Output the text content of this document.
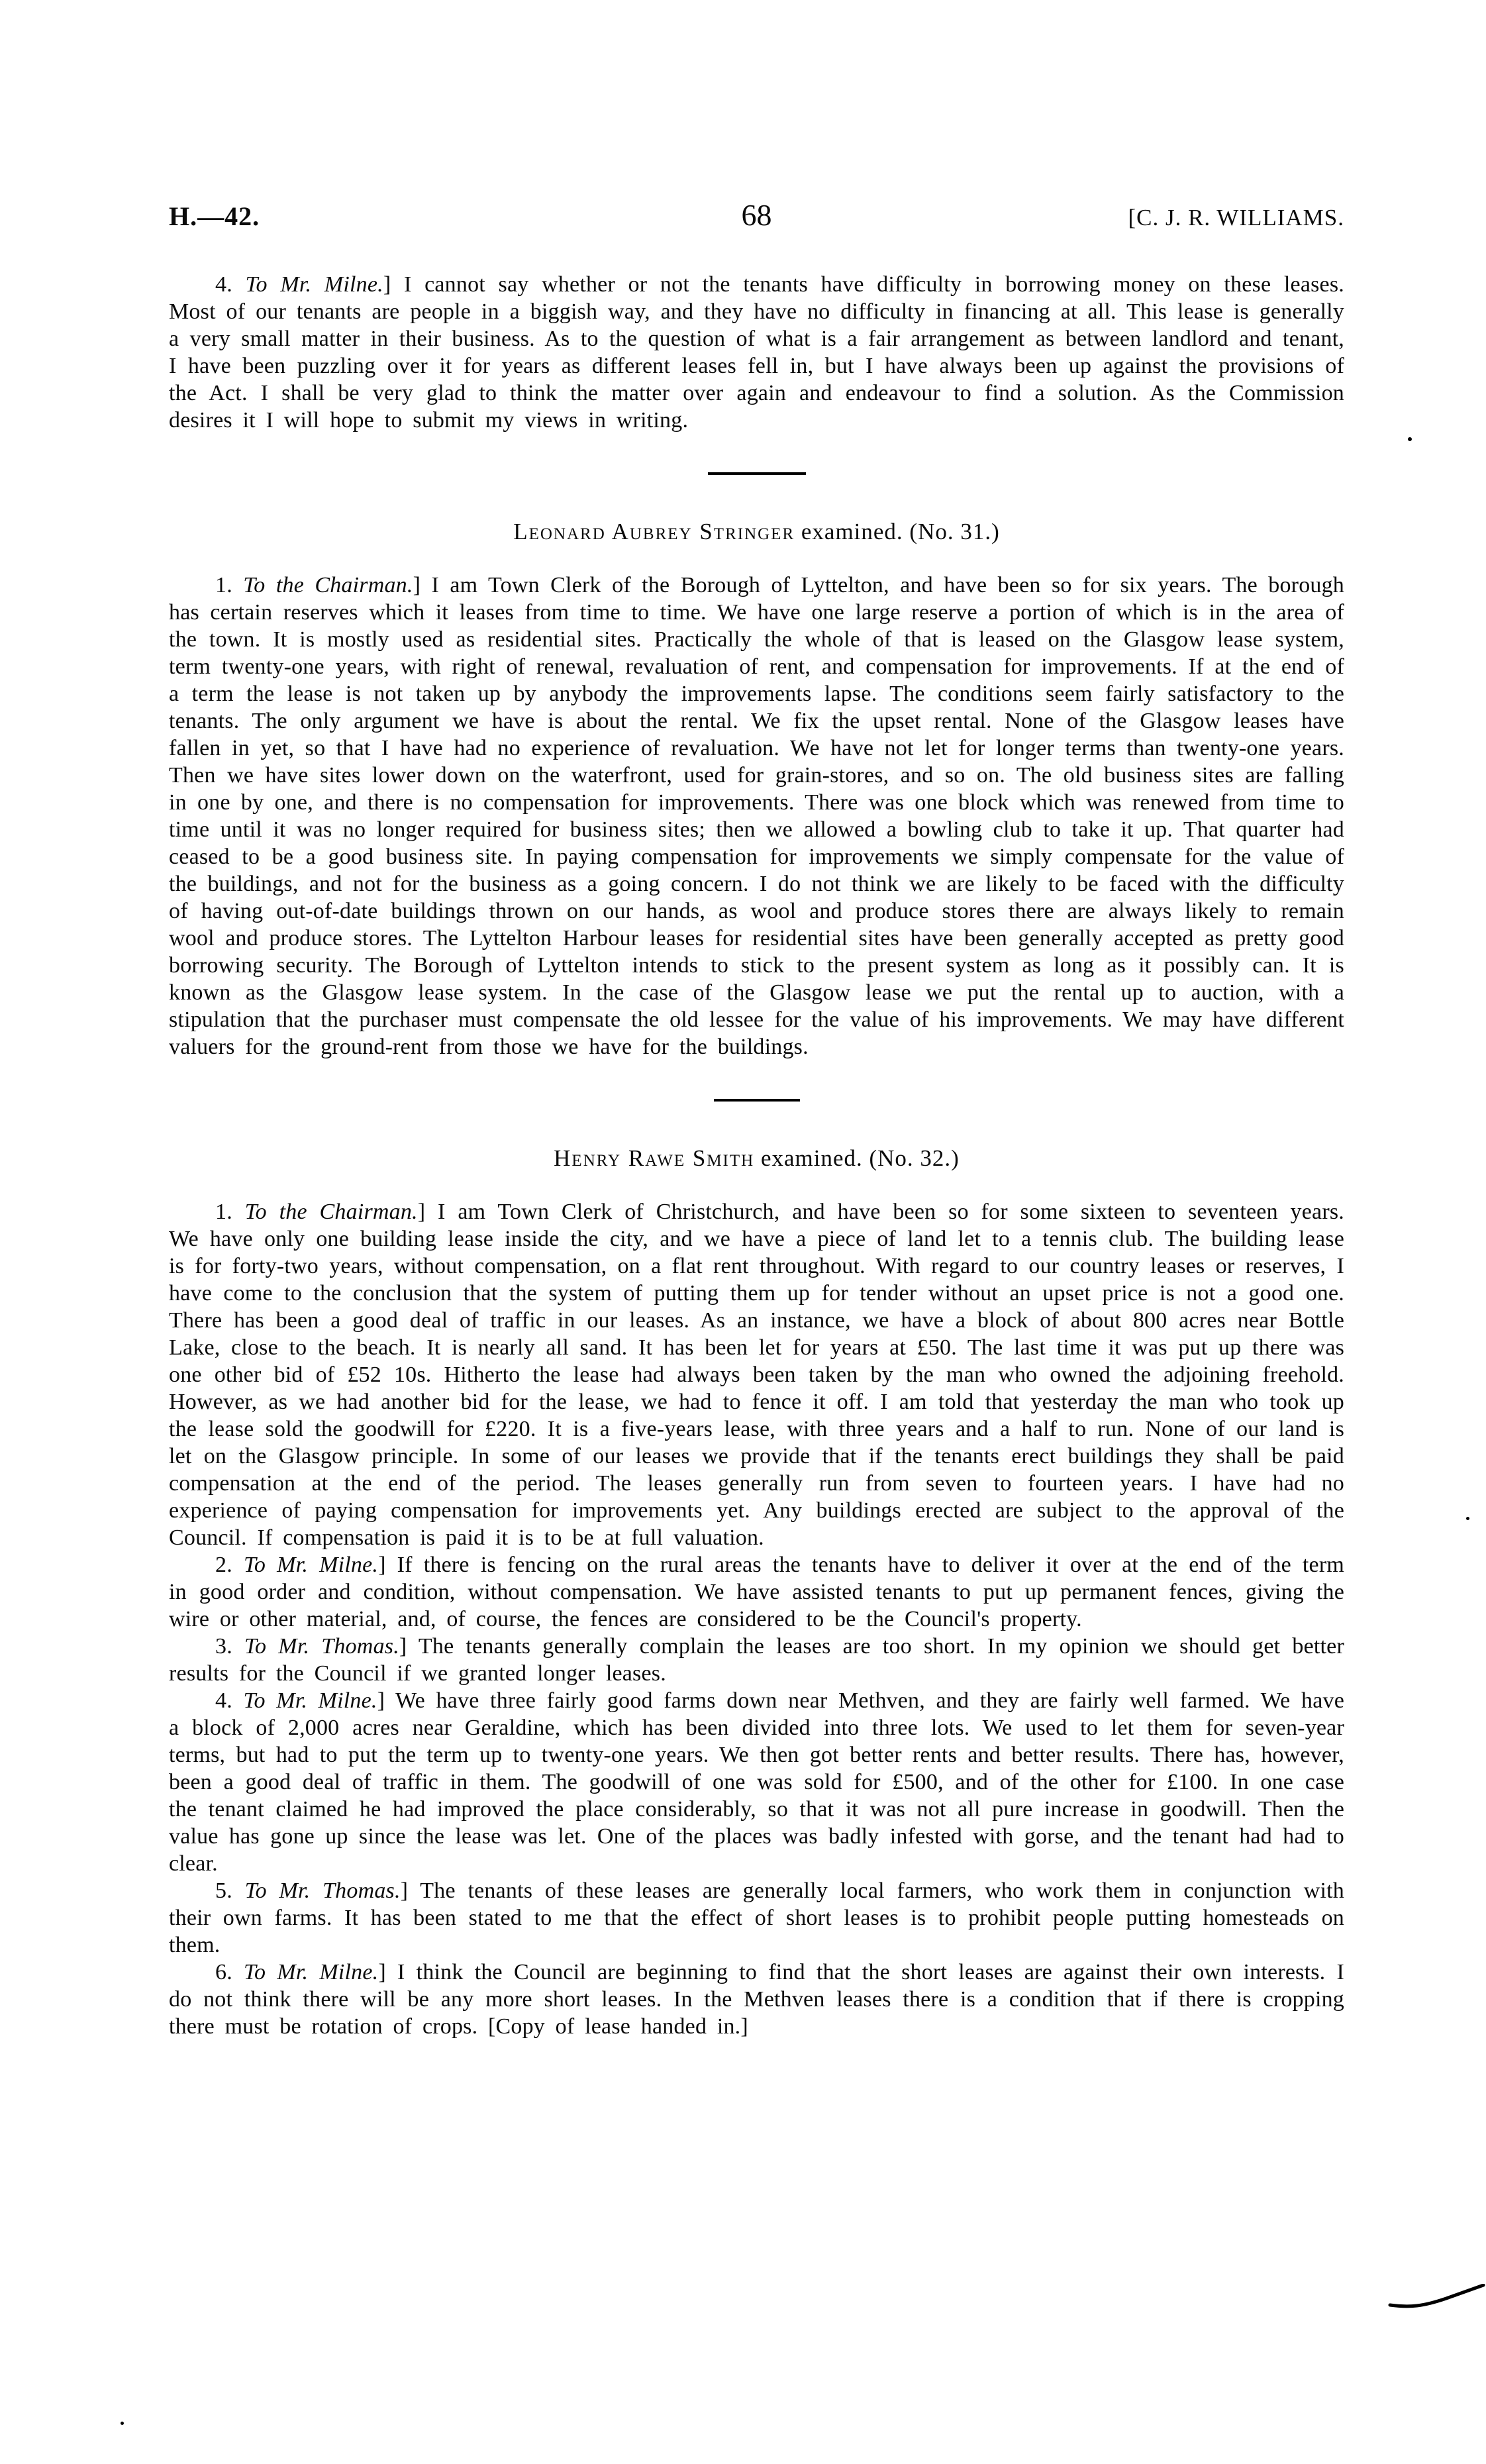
H.—42.	68	[C. J. R. WILLIAMS.

4. To Mr. Milne.] I cannot say whether or not the tenants have difficulty in borrowing money on these leases. Most of our tenants are people in a biggish way, and they have no difficulty in financing at all. This lease is generally a very small matter in their business. As to the question of what is a fair arrangement as between landlord and tenant, I have been puzzling over it for years as different leases fell in, but I have always been up against the provisions of the Act. I shall be very glad to think the matter over again and endeavour to find a solution. As the Commission desires it I will hope to submit my views in writing.

Leonard Aubrey Stringer examined. (No. 31.)

1. To the Chairman.] I am Town Clerk of the Borough of Lyttelton, and have been so for six years. The borough has certain reserves which it leases from time to time. We have one large reserve a portion of which is in the area of the town. It is mostly used as residential sites. Practically the whole of that is leased on the Glasgow lease system, term twenty-one years, with right of renewal, revaluation of rent, and compensation for improvements. If at the end of a term the lease is not taken up by anybody the improvements lapse. The conditions seem fairly satisfactory to the tenants. The only argument we have is about the rental. We fix the upset rental. None of the Glasgow leases have fallen in yet, so that I have had no experience of revaluation. We have not let for longer terms than twenty-one years. Then we have sites lower down on the waterfront, used for grain-stores, and so on. The old business sites are falling in one by one, and there is no compensation for improvements. There was one block which was renewed from time to time until it was no longer required for business sites; then we allowed a bowling club to take it up. That quarter had ceased to be a good business site. In paying compensation for improvements we simply compensate for the value of the buildings, and not for the business as a going concern. I do not think we are likely to be faced with the difficulty of having out-of-date buildings thrown on our hands, as wool and produce stores there are always likely to remain wool and produce stores. The Lyttelton Harbour leases for residential sites have been generally accepted as pretty good borrowing security. The Borough of Lyttelton intends to stick to the present system as long as it possibly can. It is known as the Glasgow lease system. In the case of the Glasgow lease we put the rental up to auction, with a stipulation that the purchaser must compensate the old lessee for the value of his improvements. We may have different valuers for the ground-rent from those we have for the buildings.

Henry Rawe Smith examined. (No. 32.)

1. To the Chairman.] I am Town Clerk of Christchurch, and have been so for some sixteen to seventeen years. We have only one building lease inside the city, and we have a piece of land let to a tennis club. The building lease is for forty-two years, without compensation, on a flat rent throughout. With regard to our country leases or reserves, I have come to the conclusion that the system of putting them up for tender without an upset price is not a good one. There has been a good deal of traffic in our leases. As an instance, we have a block of about 800 acres near Bottle Lake, close to the beach. It is nearly all sand. It has been let for years at £50. The last time it was put up there was one other bid of £52 10s. Hitherto the lease had always been taken by the man who owned the adjoining freehold. However, as we had another bid for the lease, we had to fence it off. I am told that yesterday the man who took up the lease sold the goodwill for £220. It is a five-years lease, with three years and a half to run. None of our land is let on the Glasgow principle. In some of our leases we provide that if the tenants erect buildings they shall be paid compensation at the end of the period. The leases generally run from seven to fourteen years. I have had no experience of paying compensation for improvements yet. Any buildings erected are subject to the approval of the Council. If compensation is paid it is to be at full valuation.

2. To Mr. Milne.] If there is fencing on the rural areas the tenants have to deliver it over at the end of the term in good order and condition, without compensation. We have assisted tenants to put up permanent fences, giving the wire or other material, and, of course, the fences are considered to be the Council's property.

3. To Mr. Thomas.] The tenants generally complain the leases are too short. In my opinion we should get better results for the Council if we granted longer leases.

4. To Mr. Milne.] We have three fairly good farms down near Methven, and they are fairly well farmed. We have a block of 2,000 acres near Geraldine, which has been divided into three lots. We used to let them for seven-year terms, but had to put the term up to twenty-one years. We then got better rents and better results. There has, however, been a good deal of traffic in them. The goodwill of one was sold for £500, and of the other for £100. In one case the tenant claimed he had improved the place considerably, so that it was not all pure increase in goodwill. Then the value has gone up since the lease was let. One of the places was badly infested with gorse, and the tenant had had to clear.

5. To Mr. Thomas.] The tenants of these leases are generally local farmers, who work them in conjunction with their own farms. It has been stated to me that the effect of short leases is to prohibit people putting homesteads on them.

6. To Mr. Milne.] I think the Council are beginning to find that the short leases are against their own interests. I do not think there will be any more short leases. In the Methven leases there is a condition that if there is cropping there must be rotation of crops. [Copy of lease handed in.]
